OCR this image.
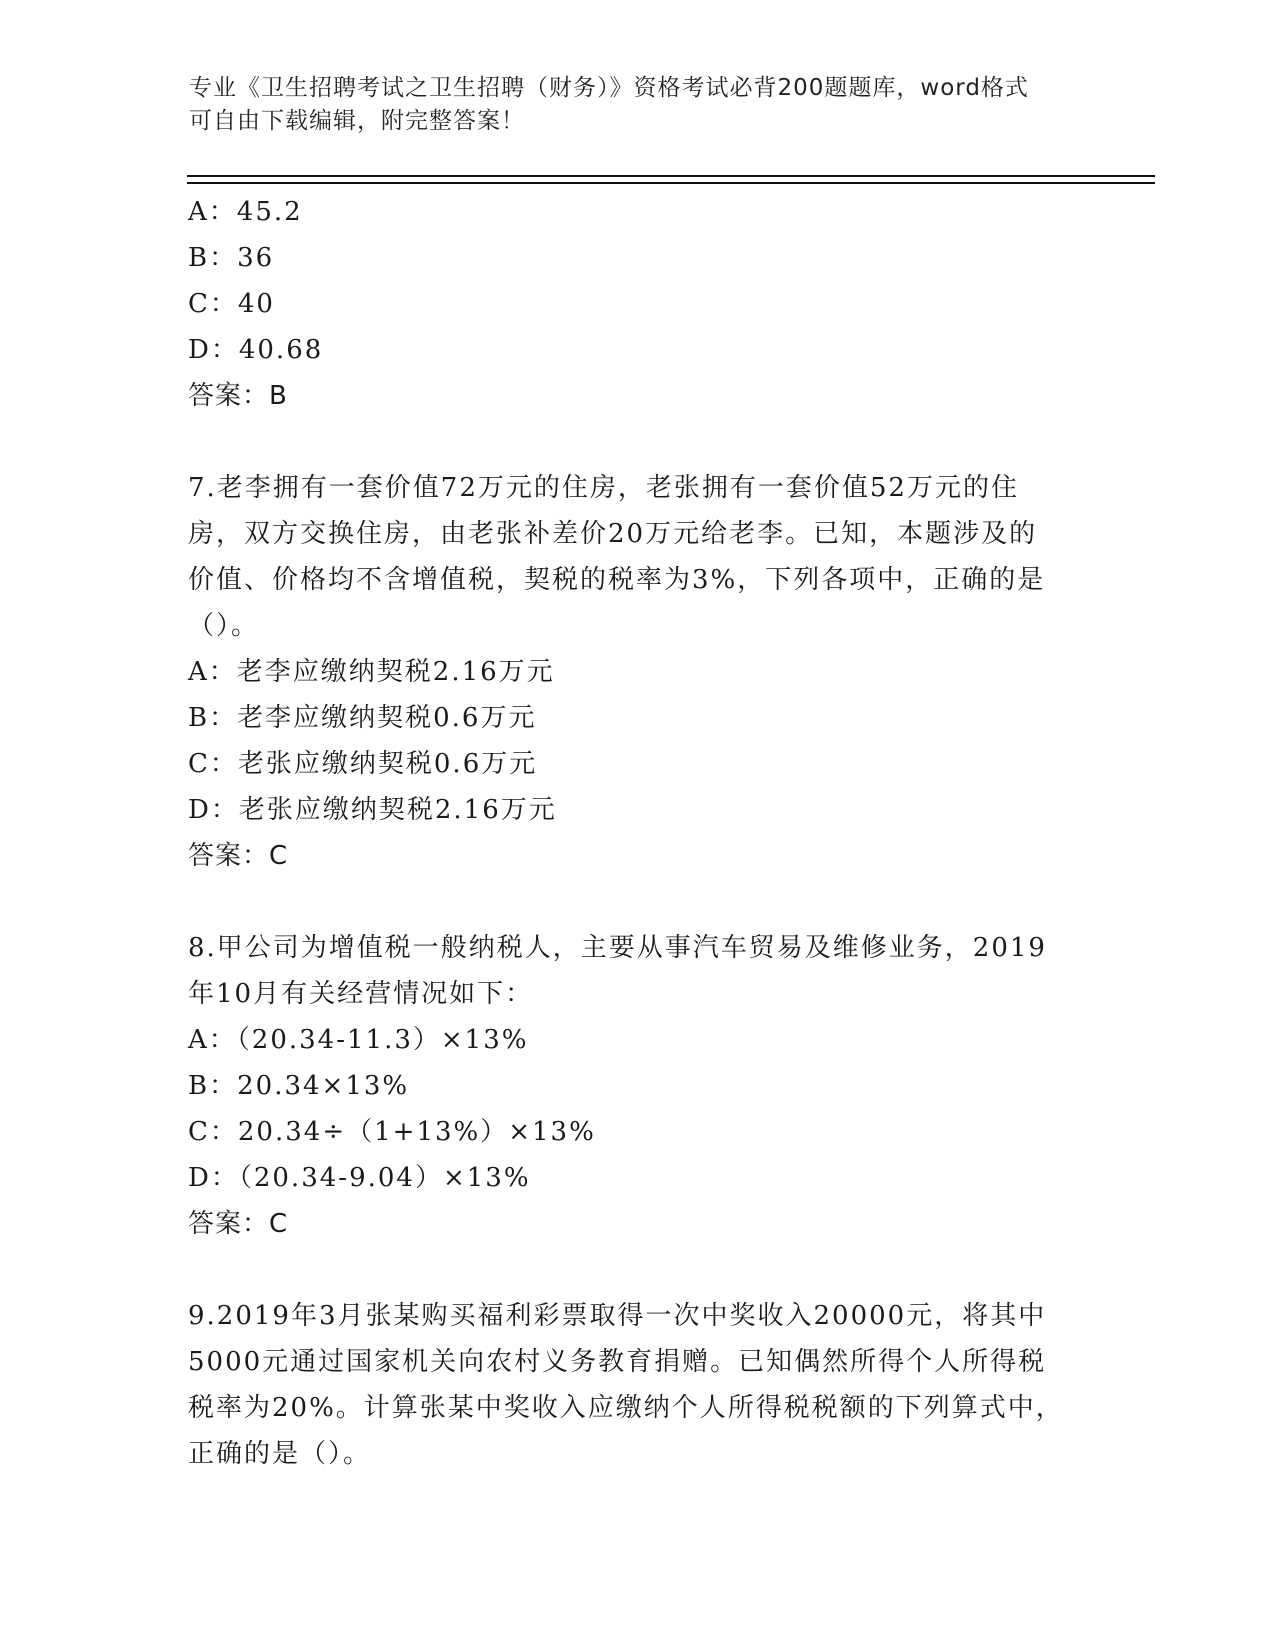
专业《卫生招聘考试之卫生招聘（财务）》资格考试必背200题题库，word格式
可自由下载编辑，附完整答案！
A：45.2
B：36
C：40
D：40.68
答案：B
7.老李拥有一套价值72万元的住房，老张拥有一套价值52万元的住
房，双方交换住房，由老张补差价20万元给老李。已知，本题涉及的
价值、价格均不含增值税，契税的税率为3%，下列各项中，正确的是
（）。
A：老李应缴纳契税2.16万元
B：老李应缴纳契税0.6万元
C：老张应缴纳契税0.6万元
D：老张应缴纳契税2.16万元
答案：C
8.甲公司为增值税一般纳税人，主要从事汽车贸易及维修业务，2019
年10月有关经营情况如下：
A：（20.34-11.3）×13%
B：20.34×13%
C：20.34÷（1+13%）×13%
D：（20.34-9.04）×13%
答案：C
9.2019年3月张某购买福利彩票取得一次中奖收入20000元，将其中
5000元通过国家机关向农村义务教育捐赠。已知偶然所得个人所得税
税率为20%。计算张某中奖收入应缴纳个人所得税税额的下列算式中，
正确的是（）。
